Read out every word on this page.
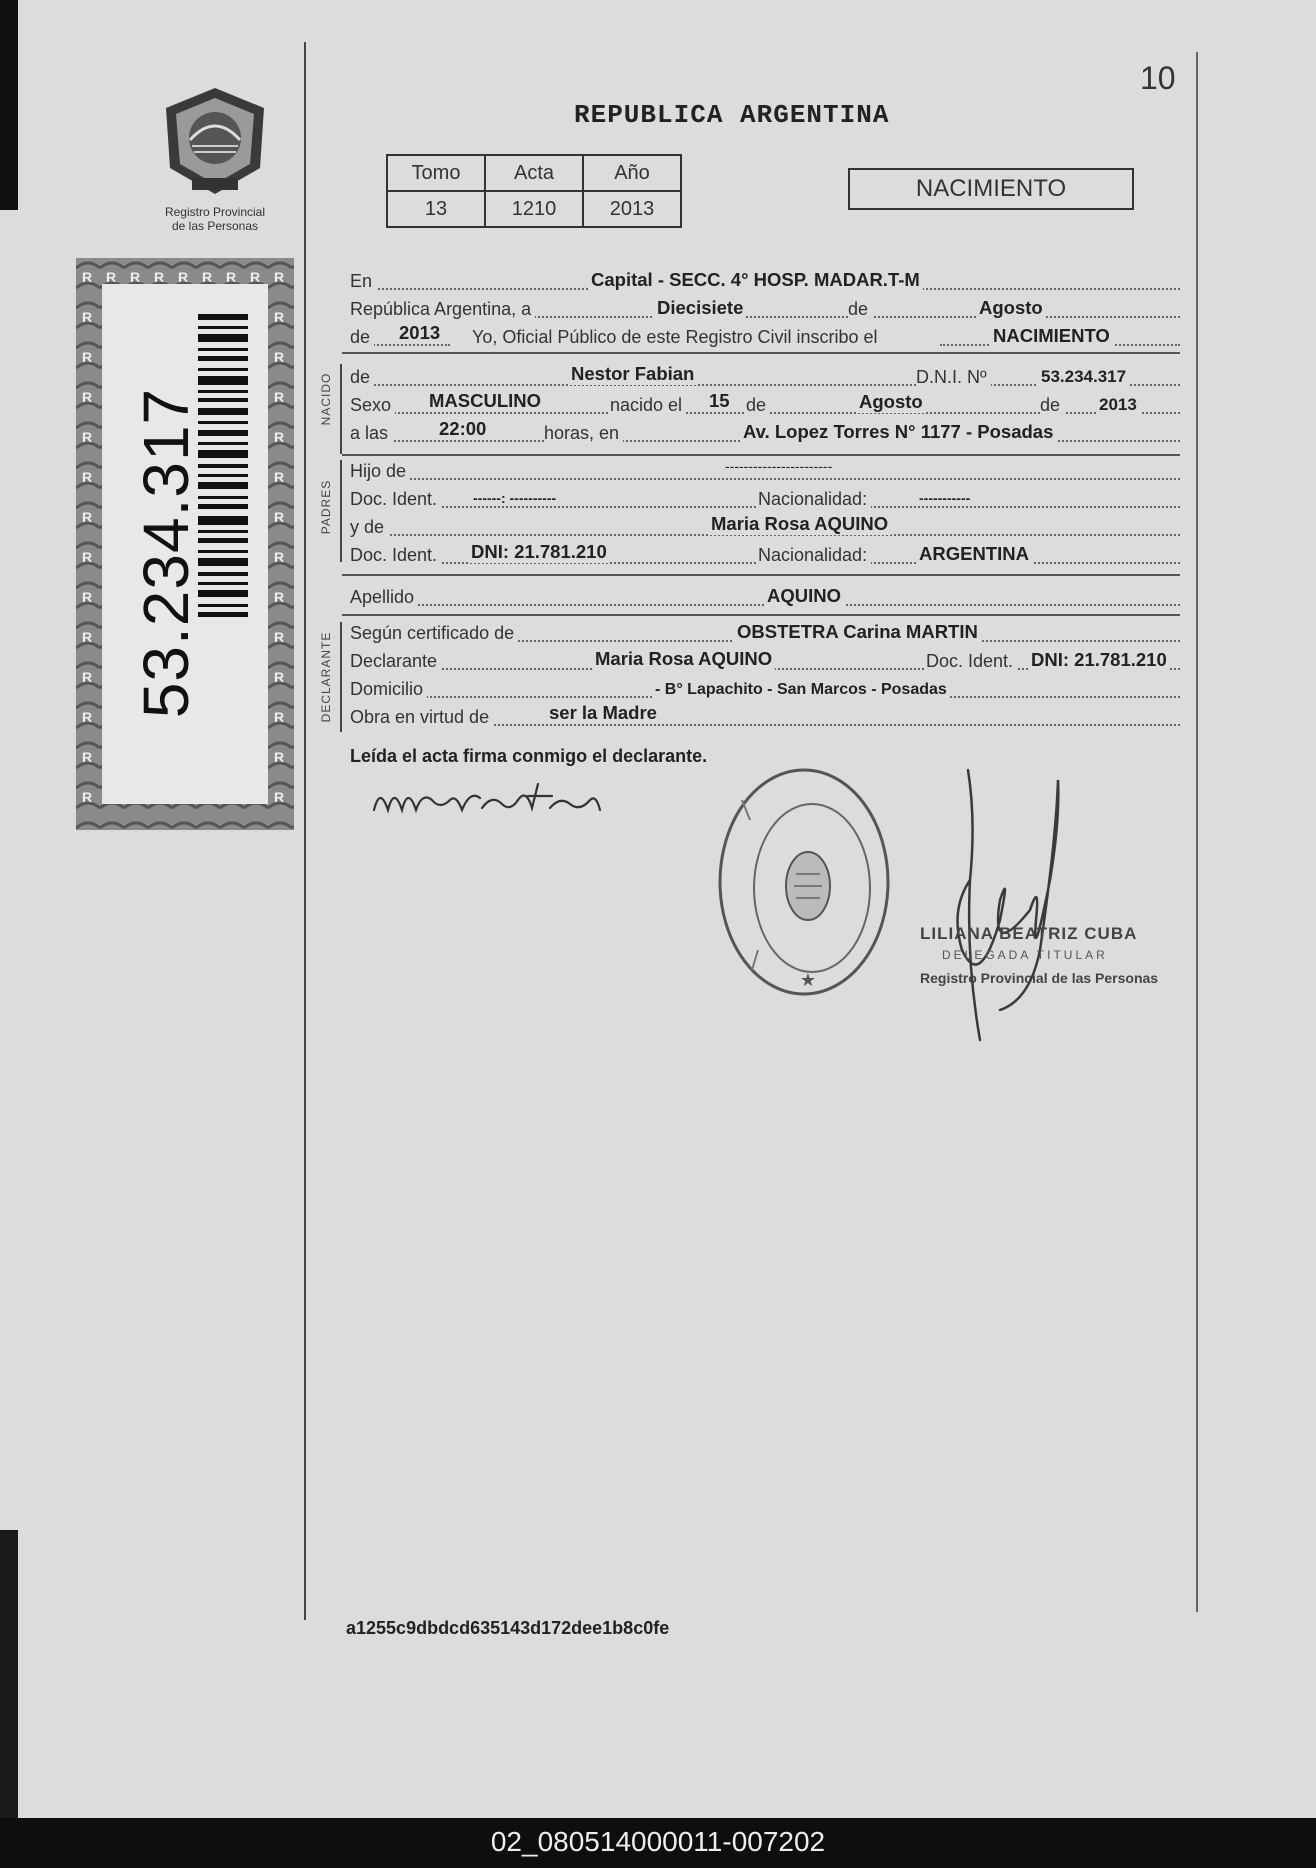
10
Registro Provincial
de las Personas
53.234.317
REPUBLICA ARGENTINA
Tomo	Acta	Año
13	1210	2013
NACIMIENTO
NACIDO
PADRES
DECLARANTE
En	Capital - SECC. 4° HOSP. MADAR.T-M
República Argentina, a	Diecisiete	de	Agosto
de 2013 Yo, Oficial Público de este Registro Civil inscribo el	NACIMIENTO
de	Nestor Fabian	D.N.I. Nº	53.234.317
Sexo MASCULINO	nacido el 15 de	Agosto	de 2013
a las	22:00	horas, en	Av. Lopez Torres N° 1177 - Posadas
Hijo de	-----------------------
Doc. Ident.	------: ----------	Nacionalidad:	-----------
y de	Maria Rosa AQUINO
Doc. Ident. DNI: 21.781.210	Nacionalidad:	ARGENTINA
Apellido	AQUINO
Según certificado de	OBSTETRA Carina MARTIN
Declarante	Maria Rosa AQUINO	Doc. Ident. DNI: 21.781.210
Domicilio	- B° Lapachito - San Marcos - Posadas
Obra en virtud de	ser la Madre
Leída el acta firma conmigo el declarante.
★
LILIANA BEATRIZ CUBA
DELEGADA TITULAR
Registro Provincial de las Personas
a1255c9dbdcd635143d172dee1b8c0fe
02_080514000011-007202
